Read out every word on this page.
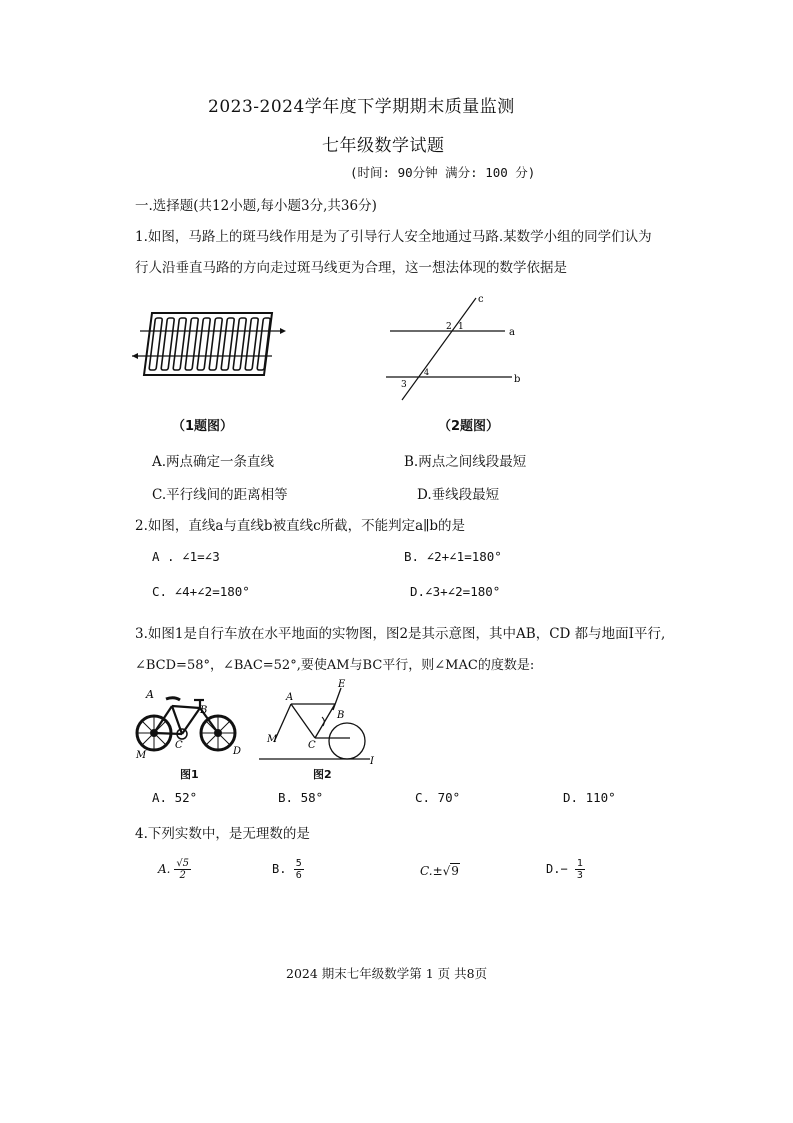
2023-2024学年度下学期期末质量监测
七年级数学试题
(时间: 90分钟 满分: 100 分)
一.选择题(共12小题,每小题3分,共36分)
1.如图，马路上的斑马线作用是为了引导行人安全地通过马路.某数学小组的同学们认为
行人沿垂直马路的方向走过斑马线更为合理，这一想法体现的数学依据是
（1题图）
c
a
b
2 1
3
4
（2题图）
A.两点确定一条直线	B.两点之间线段最短
C.平行线间的距离相等	D.垂线段最短
2.如图，直线a与直线b被直线c所截，不能判定a∥b的是
A . ∠1=∠3	B. ∠2+∠1=180°
C. ∠4+∠2=180°	D.∠3+∠2=180°
3.如图1是自行车放在水平地面的实物图，图2是其示意图，其中AB，CD 都与地面I平行,
∠BCD=58°，∠BAC=52°,要使AM与BC平行，则∠MAC的度数是:
A
B
C
M	D
图1
A
B
C
M
E
I
图2
A. 52°	B. 58°	C. 70°	D. 110°
4.下列实数中，是无理数的是
A. $\frac{√5}{2}$	B. $\frac{5}{6}$	C.±√9	$D.- \frac{1}{3}$
2024 期末七年级数学第 1 页 共8页
